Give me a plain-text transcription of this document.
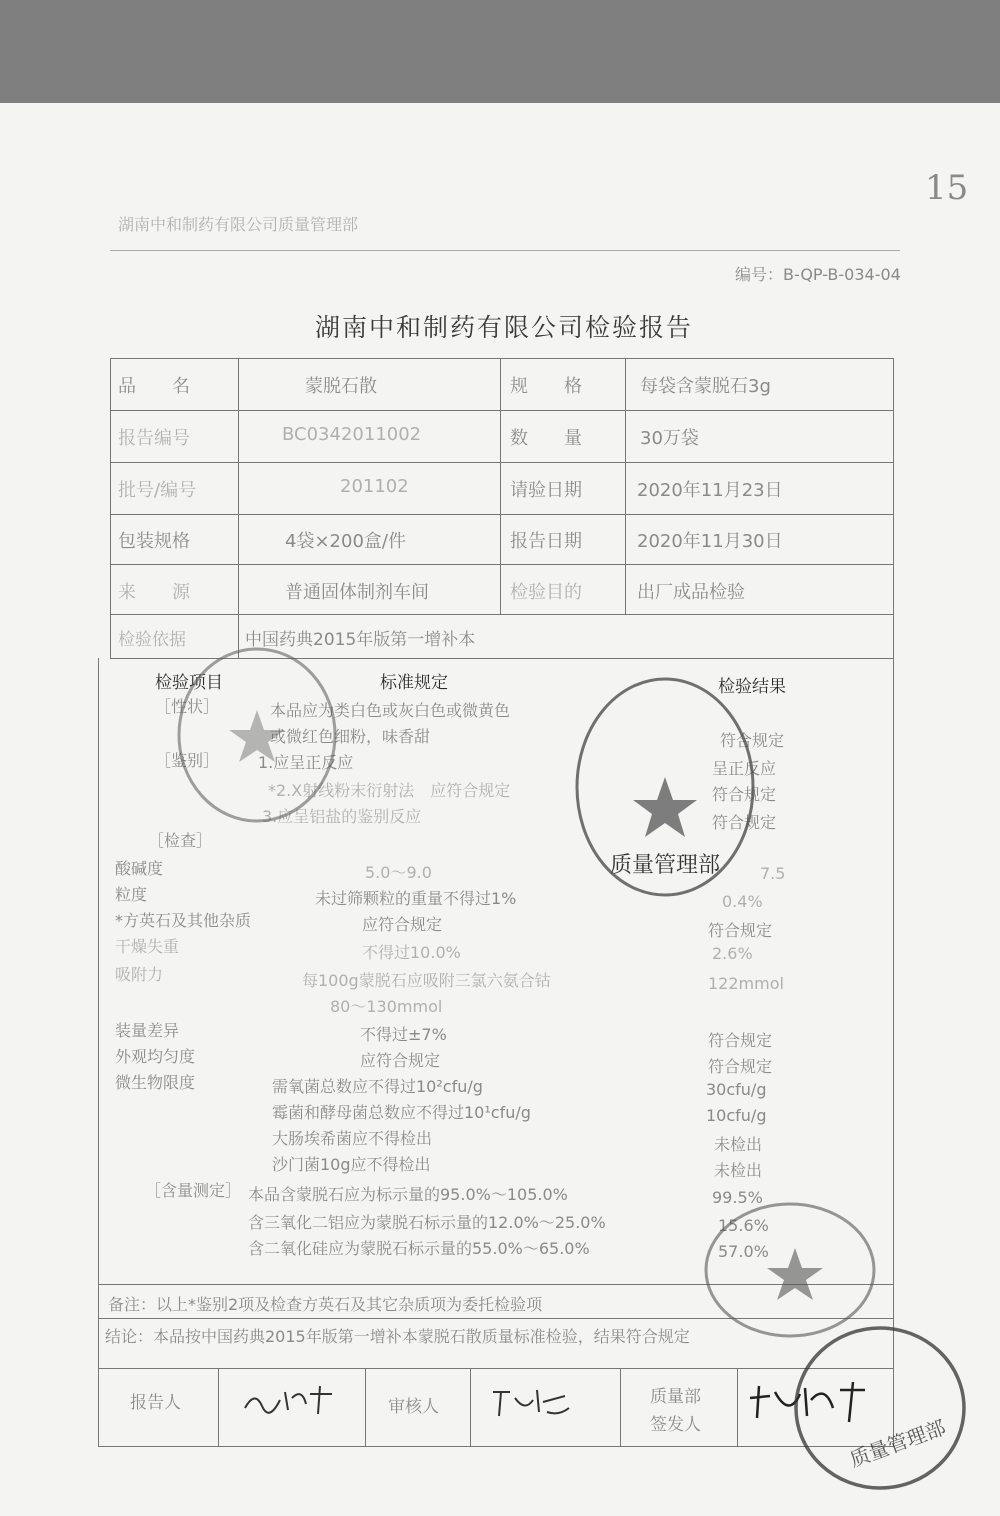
湖南中和制药有限公司质量管理部
15
编号：B-QP-B-034-04
湖南中和制药有限公司检验报告
品　　名	蒙脱石散	规　　格	每袋含蒙脱石3g
报告编号	BC0342011002	数　　量	30万袋
批号/编号	201102	请验日期	2020年11月23日
包装规格	4袋×200盒/件	报告日期	2020年11月30日
来　　源	普通固体制剂车间	检验目的	出厂成品检验
检验依据	中国药典2015年版第一增补本
检验项目	标准规定	检验结果
［性状］	本品应为类白色或灰白色或微黄色
或微红色细粉，味香甜	符合规定
［鉴别］ 1.应呈正反应	呈正反应
*2.X射线粉末衍射法　应符合规定	符合规定
3.应呈铝盐的鉴别反应	符合规定
［检查］
酸碱度	5.0～9.0	7.5
粒度	未过筛颗粒的重量不得过1%	0.4%
*方英石及其他杂质	应符合规定	符合规定
干燥失重	不得过10.0%	2.6%
吸附力	每100g蒙脱石应吸附三氯六氨合钴	122mmol
80～130mmol
装量差异	不得过±7%	符合规定
外观均匀度	应符合规定	符合规定
微生物限度	需氧菌总数应不得过10²cfu/g	30cfu/g
霉菌和酵母菌总数应不得过10¹cfu/g	10cfu/g
大肠埃希菌应不得检出	未检出
沙门菌10g应不得检出	未检出
［含量测定］ 本品含蒙脱石应为标示量的95.0%～105.0%	99.5%
含三氧化二铝应为蒙脱石标示量的12.0%～25.0%	15.6%
含二氧化硅应为蒙脱石标示量的55.0%～65.0%	57.0%
备注：以上*鉴别2项及检查方英石及其它杂质项为委托检验项
结论：本品按中国药典2015年版第一增补本蒙脱石散质量标准检验，结果符合规定
报告人	审核人	质量部
签发人
质量管理部
质量管理部
